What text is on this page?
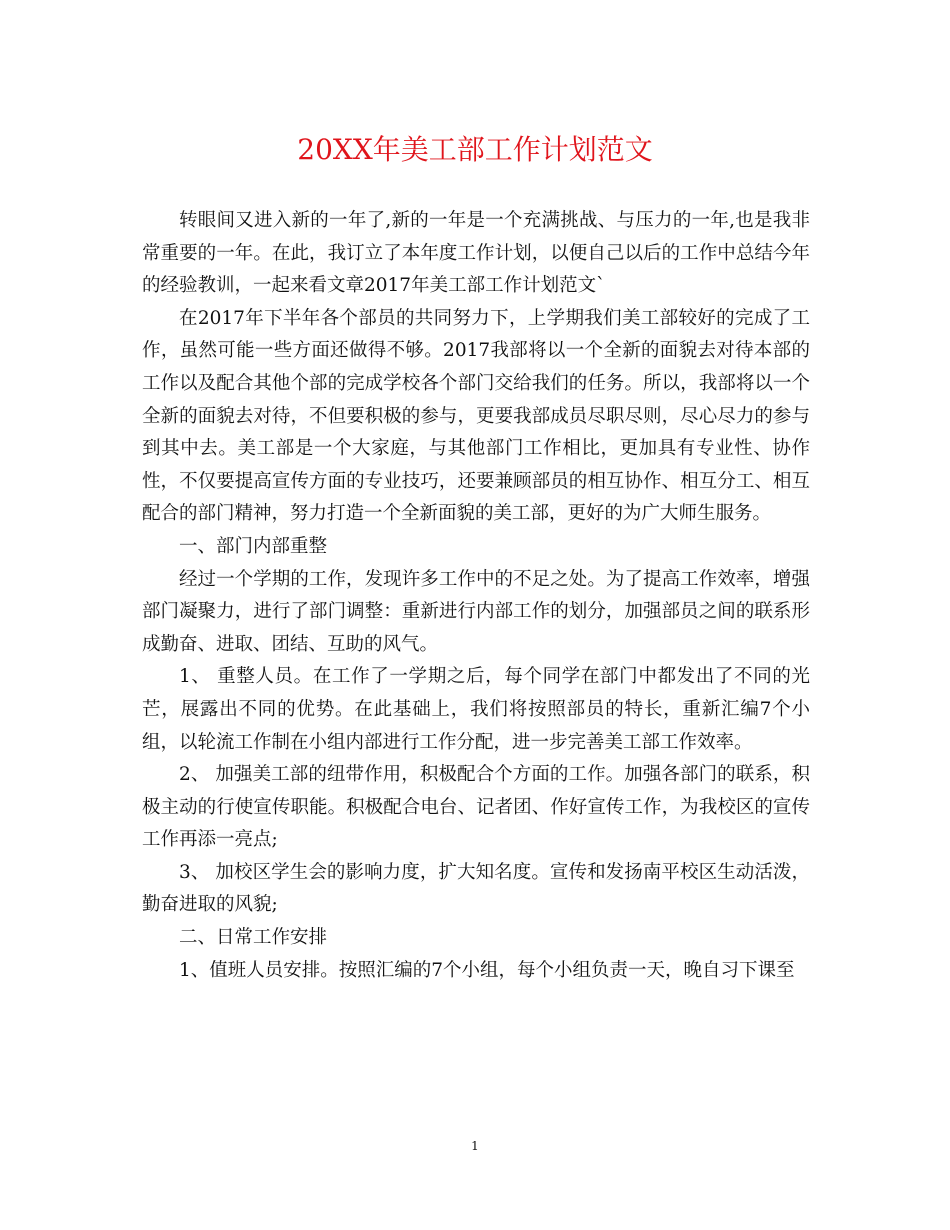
20XX年美工部工作计划范文

转眼间又进入新的一年了,新的一年是一个充满挑战、与压力的一年,也是我非常重要的一年。在此，我订立了本年度工作计划，以便自己以后的工作中总结今年的经验教训，一起来看文章2017年美工部工作计划范文`

在2017年下半年各个部员的共同努力下，上学期我们美工部较好的完成了工作，虽然可能一些方面还做得不够。2017我部将以一个全新的面貌去对待本部的工作以及配合其他个部的完成学校各个部门交给我们的任务。所以，我部将以一个全新的面貌去对待，不但要积极的参与，更要我部成员尽职尽则，尽心尽力的参与到其中去。美工部是一个大家庭，与其他部门工作相比，更加具有专业性、协作性，不仅要提高宣传方面的专业技巧，还要兼顾部员的相互协作、相互分工、相互配合的部门精神，努力打造一个全新面貌的美工部，更好的为广大师生服务。

一、部门内部重整

经过一个学期的工作，发现许多工作中的不足之处。为了提高工作效率，增强部门凝聚力，进行了部门调整：重新进行内部工作的划分，加强部员之间的联系形成勤奋、进取、团结、互助的风气。

1、 重整人员。在工作了一学期之后，每个同学在部门中都发出了不同的光芒，展露出不同的优势。在此基础上，我们将按照部员的特长，重新汇编7个小组，以轮流工作制在小组内部进行工作分配，进一步完善美工部工作效率。

2、 加强美工部的纽带作用，积极配合个方面的工作。加强各部门的联系，积极主动的行使宣传职能。积极配合电台、记者团、作好宣传工作，为我校区的宣传工作再添一亮点;

3、 加校区学生会的影响力度，扩大知名度。宣传和发扬南平校区生动活泼，勤奋进取的风貌;

二、日常工作安排

1、值班人员安排。按照汇编的7个小组，每个小组负责一天，晚自习下课至

1
